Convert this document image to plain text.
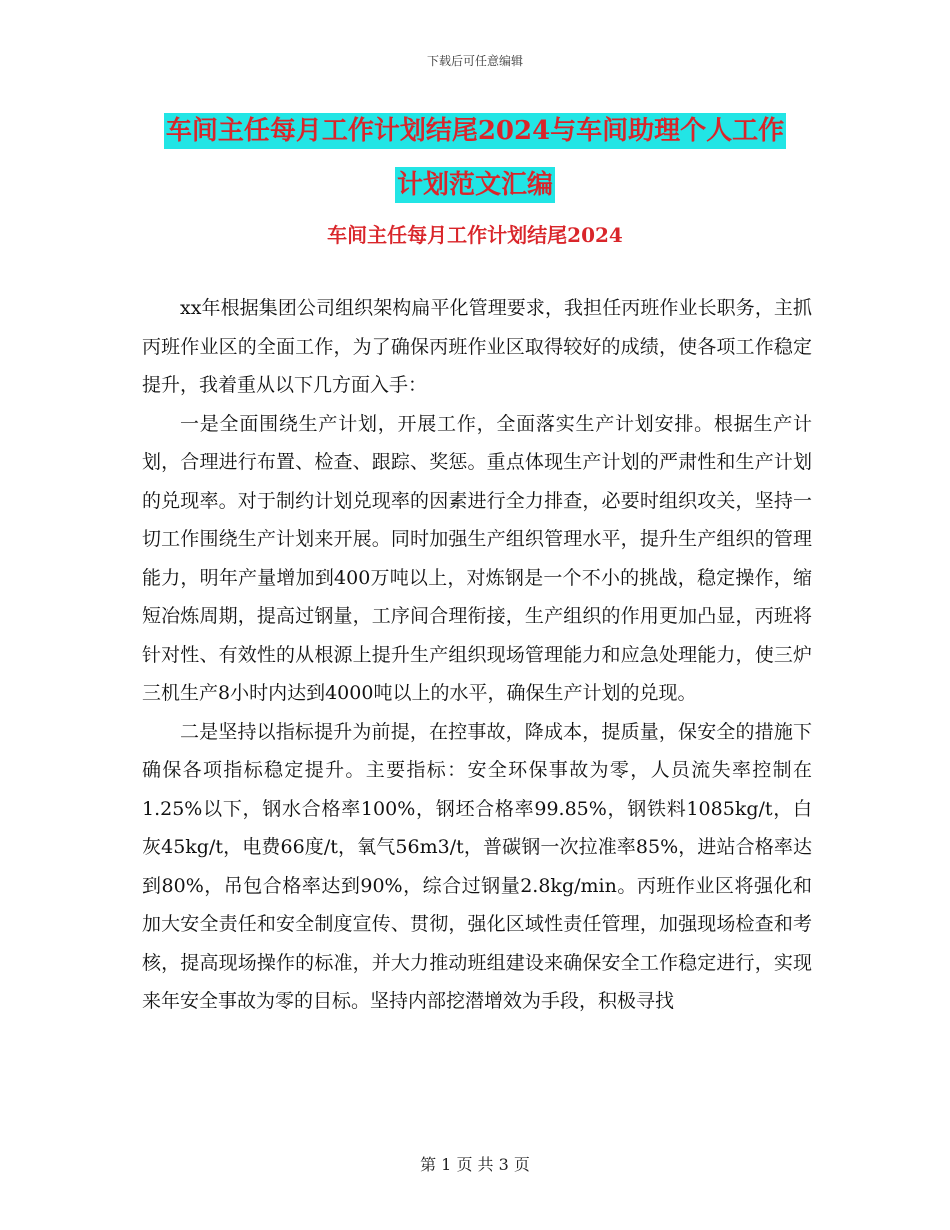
下载后可任意编辑
车间主任每月工作计划结尾2024与车间助理个人工作
计划范文汇编
车间主任每月工作计划结尾2024

xx年根据集团公司组织架构扁平化管理要求，我担任丙班作业长职务，主抓丙班作业区的全面工作，为了确保丙班作业区取得较好的成绩，使各项工作稳定提升，我着重从以下几方面入手：

一是全面围绕生产计划，开展工作，全面落实生产计划安排。根据生产计划，合理进行布置、检查、跟踪、奖惩。重点体现生产计划的严肃性和生产计划的兑现率。对于制约计划兑现率的因素进行全力排查，必要时组织攻关，坚持一切工作围绕生产计划来开展。同时加强生产组织管理水平，提升生产组织的管理能力，明年产量增加到400万吨以上，对炼钢是一个不小的挑战，稳定操作，缩短冶炼周期，提高过钢量，工序间合理衔接，生产组织的作用更加凸显，丙班将针对性、有效性的从根源上提升生产组织现场管理能力和应急处理能力，使三炉三机生产8小时内达到4000吨以上的水平，确保生产计划的兑现。

二是坚持以指标提升为前提，在控事故，降成本，提质量，保安全的措施下确保各项指标稳定提升。主要指标：安全环保事故为零，人员流失率控制在1.25%以下，钢水合格率100%，钢坯合格率99.85%，钢铁料1085kg/t，白灰45kg/t，电费66度/t，氧气56m3/t，普碳钢一次拉准率85%，进站合格率达到80%，吊包合格率达到90%，综合过钢量2.8kg/min。丙班作业区将强化和加大安全责任和安全制度宣传、贯彻，强化区域性责任管理，加强现场检查和考核，提高现场操作的标准，并大力推动班组建设来确保安全工作稳定进行，实现来年安全事故为零的目标。坚持内部挖潜增效为手段，积极寻找

第 1 页 共 3 页
